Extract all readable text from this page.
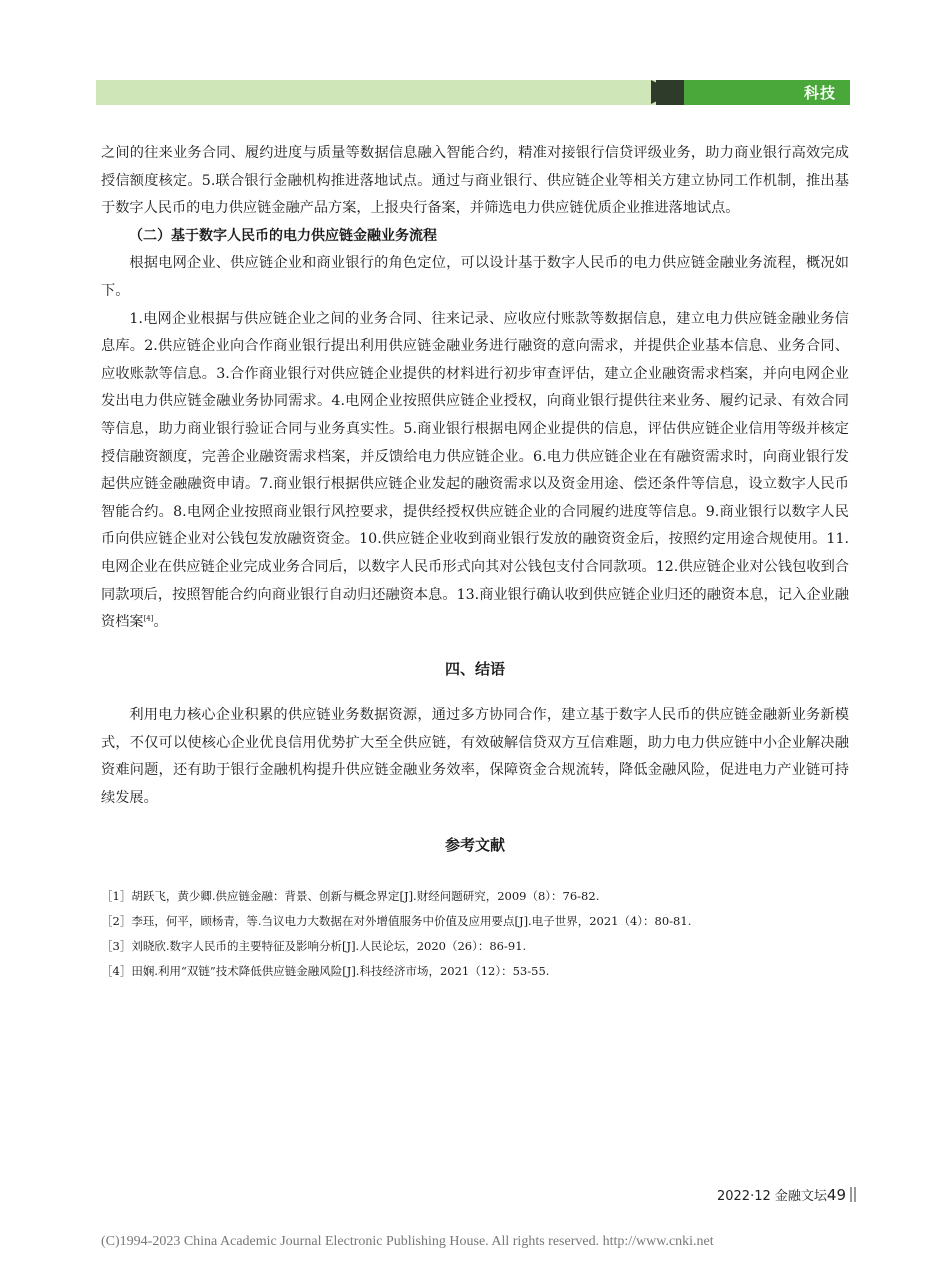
科技

之间的往来业务合同、履约进度与质量等数据信息融入智能合约，精准对接银行信贷评级业务，助力商业银行高效完成授信额度核定。5.联合银行金融机构推进落地试点。通过与商业银行、供应链企业等相关方建立协同工作机制，推出基于数字人民币的电力供应链金融产品方案，上报央行备案，并筛选电力供应链优质企业推进落地试点。

（二）基于数字人民币的电力供应链金融业务流程

根据电网企业、供应链企业和商业银行的角色定位，可以设计基于数字人民币的电力供应链金融业务流程，概况如下。

1.电网企业根据与供应链企业之间的业务合同、往来记录、应收应付账款等数据信息，建立电力供应链金融业务信息库。2.供应链企业向合作商业银行提出利用供应链金融业务进行融资的意向需求，并提供企业基本信息、业务合同、应收账款等信息。3.合作商业银行对供应链企业提供的材料进行初步审查评估，建立企业融资需求档案，并向电网企业发出电力供应链金融业务协同需求。4.电网企业按照供应链企业授权，向商业银行提供往来业务、履约记录、有效合同等信息，助力商业银行验证合同与业务真实性。5.商业银行根据电网企业提供的信息，评估供应链企业信用等级并核定授信融资额度，完善企业融资需求档案，并反馈给电力供应链企业。6.电力供应链企业在有融资需求时，向商业银行发起供应链金融融资申请。7.商业银行根据供应链企业发起的融资需求以及资金用途、偿还条件等信息，设立数字人民币智能合约。8.电网企业按照商业银行风控要求，提供经授权供应链企业的合同履约进度等信息。9.商业银行以数字人民币向供应链企业对公钱包发放融资资金。10.供应链企业收到商业银行发放的融资资金后，按照约定用途合规使用。11.电网企业在供应链企业完成业务合同后，以数字人民币形式向其对公钱包支付合同款项。12.供应链企业对公钱包收到合同款项后，按照智能合约向商业银行自动归还融资本息。13.商业银行确认收到供应链企业归还的融资本息，记入企业融资档案[4]。

四、结语

利用电力核心企业积累的供应链业务数据资源，通过多方协同合作，建立基于数字人民币的供应链金融新业务新模式，不仅可以使核心企业优良信用优势扩大至全供应链，有效破解信贷双方互信难题，助力电力供应链中小企业解决融资难问题，还有助于银行金融机构提升供应链金融业务效率，保障资金合规流转，降低金融风险，促进电力产业链可持续发展。

参考文献

［1］胡跃飞，黄少卿.供应链金融：背景、创新与概念界定[J].财经问题研究，2009（8）：76-82.
［2］李珏，何平，顾杨青，等.刍议电力大数据在对外增值服务中价值及应用要点[J].电子世界，2021（4）：80-81.
［3］刘晓欣.数字人民币的主要特征及影响分析[J].人民论坛，2020（26）：86-91.
［4］田娴.利用“双链”技术降低供应链金融风险[J].科技经济市场，2021（12）：53-55.
2022·12 金融文坛49
(C)1994-2023 China Academic Journal Electronic Publishing House. All rights reserved. http://www.cnki.net
